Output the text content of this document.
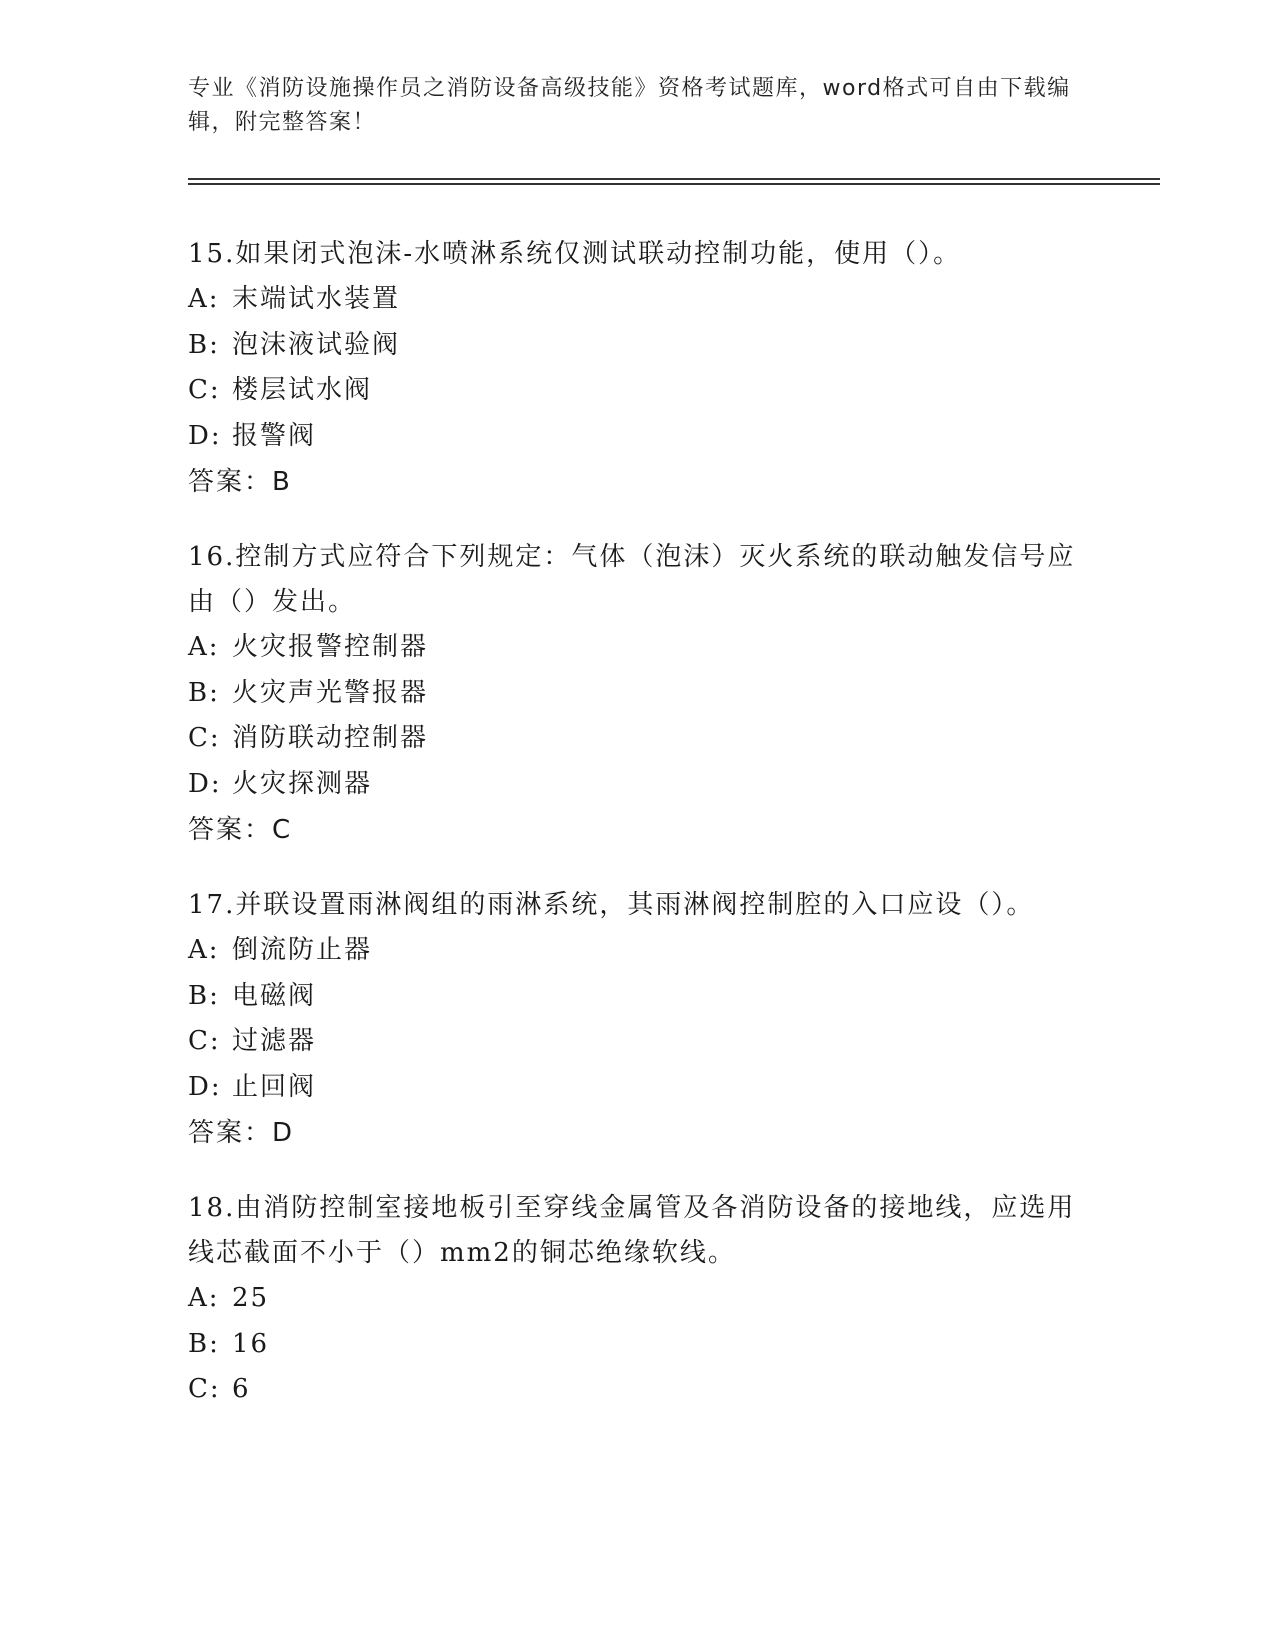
专业《消防设施操作员之消防设备高级技能》资格考试题库，word格式可自由下载编辑，附完整答案！

15.如果闭式泡沫-水喷淋系统仅测试联动控制功能，使用（）。

A: 末端试水装置
B: 泡沫液试验阀
C: 楼层试水阀
D: 报警阀
答案：B

16.控制方式应符合下列规定：气体（泡沫）灭火系统的联动触发信号应由（）发出。

A: 火灾报警控制器
B: 火灾声光警报器
C: 消防联动控制器
D: 火灾探测器
答案：C

17.并联设置雨淋阀组的雨淋系统，其雨淋阀控制腔的入口应设（）。

A: 倒流防止器
B: 电磁阀
C: 过滤器
D: 止回阀
答案：D

18.由消防控制室接地板引至穿线金属管及各消防设备的接地线，应选用线芯截面不小于（）mm2的铜芯绝缘软线。

A: 25
B: 16
C: 6
